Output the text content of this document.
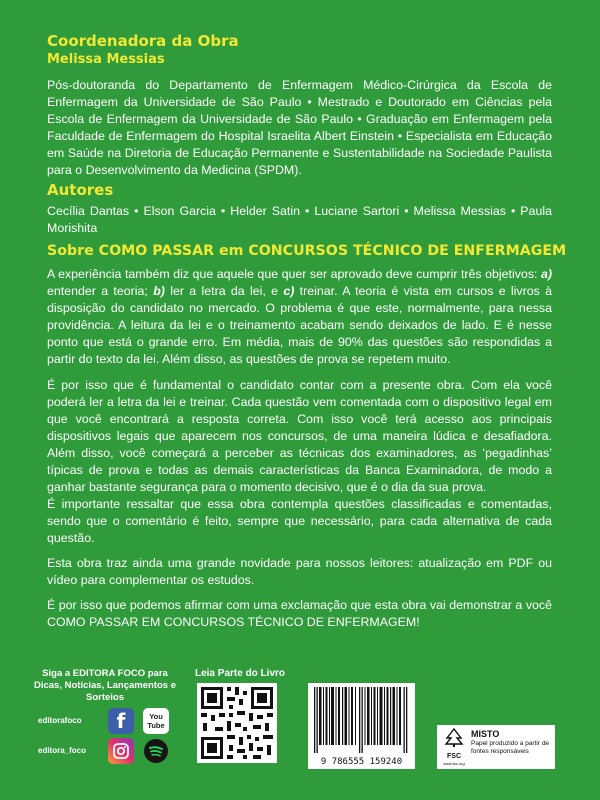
Coordenadora da Obra
Melissa Messias

Pós-doutoranda do Departamento de Enfermagem Médico-Cirúrgica da Escola de Enfermagem da Universidade de São Paulo • Mestrado e Doutorado em Ciências pela Escola de Enfermagem da Universidade de São Paulo • Graduação em Enfermagem pela Faculdade de Enfermagem do Hospital Israelita Albert Einstein • Especialista em Educação em Saúde na Diretoria de Educação Permanente e Sustentabilidade na Sociedade Paulista para o Desenvolvimento da Medicina (SPDM).

Autores

Cecília Dantas • Elson Garcia • Helder Satin • Luciane Sartori • Melissa Messias • Paula Morishita

Sobre COMO PASSAR em CONCURSOS TÉCNICO DE ENFERMAGEM

A experiência também diz que aquele que quer ser aprovado deve cumprir três objetivos: a) entender a teoria; b) ler a letra da lei, e c) treinar. A teoria é vista em cursos e livros à disposição do candidato no mercado. O problema é que este, normalmente, para nessa providência. A leitura da lei e o treinamento acabam sendo deixados de lado. E é nesse ponto que está o grande erro. Em média, mais de 90% das questões são respondidas a partir do texto da lei. Além disso, as questões de prova se repetem muito.

É por isso que é fundamental o candidato contar com a presente obra. Com ela você poderá ler a letra da lei e treinar. Cada questão vem comentada com o dispositivo legal em que você encontrará a resposta correta. Com isso você terá acesso aos principais dispositivos legais que aparecem nos concursos, de uma maneira lúdica e desafiadora. Além disso, você começará a perceber as técnicas dos examinadores, as ‘pegadinhas’ típicas de prova e todas as demais características da Banca Examinadora, de modo a ganhar bastante segurança para o momento decisivo, que é o dia da sua prova.

É importante ressaltar que essa obra contempla questões classificadas e comentadas, sendo que o comentário é feito, sempre que necessário, para cada alternativa de cada questão.

Esta obra traz ainda uma grande novidade para nossos leitores: atualização em PDF ou vídeo para complementar os estudos.

É por isso que podemos afirmar com uma exclamação que esta obra vai demonstrar a você COMO PASSAR EM CONCURSOS TÉCNICO DE ENFERMAGEM!

Siga a EDITORA FOCO para Dicas, Notícias, Lançamentos e Sorteios
editorafoco
editora_foco
f	You Tube
Leia Parte do Livro
9 786555 159240
FSC
www.fsc.org
MISTO
Papel produzido a partir de fontes responsáveis
